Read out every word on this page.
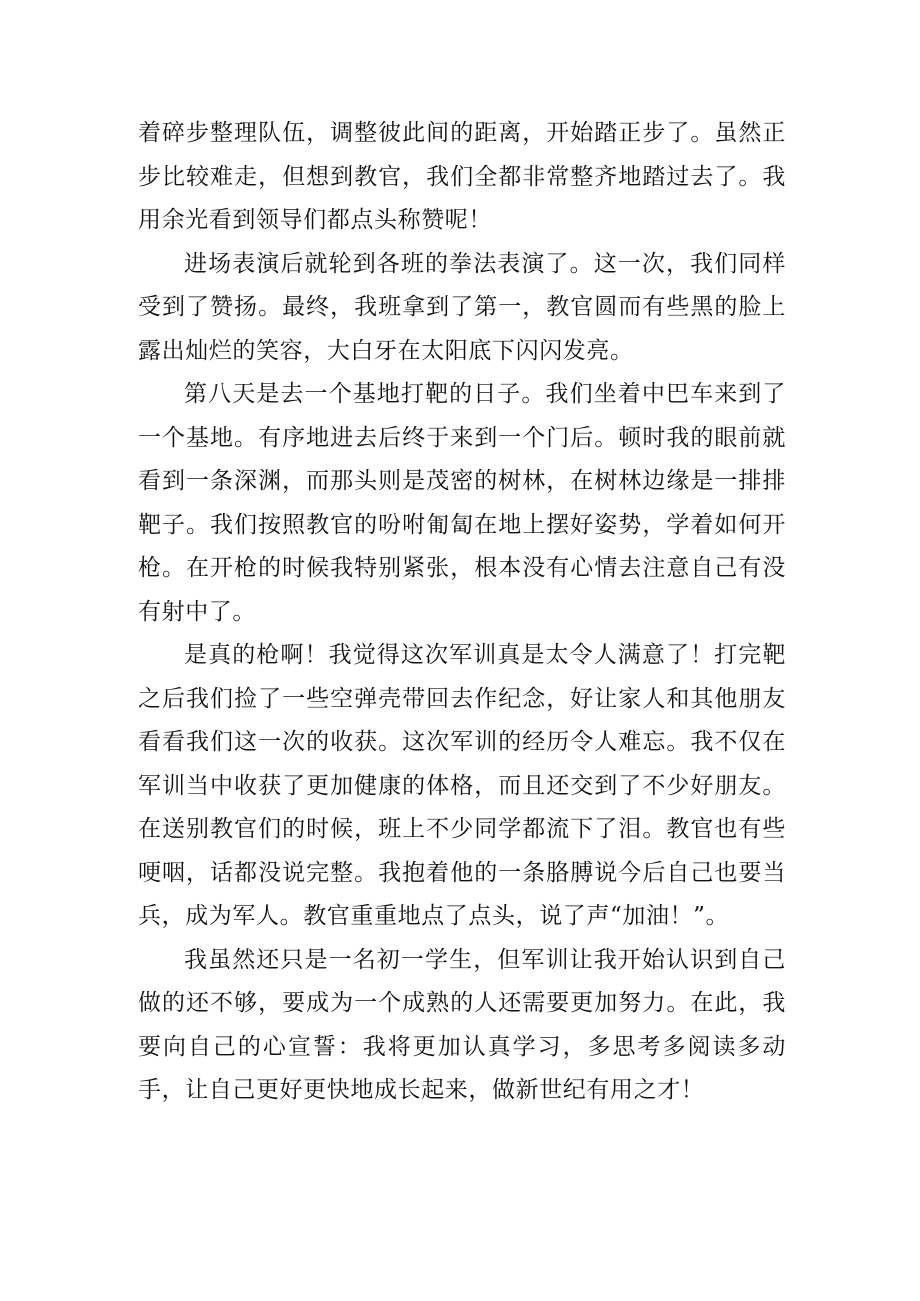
着碎步整理队伍，调整彼此间的距离，开始踏正步了。虽然正步比较难走，但想到教官，我们全都非常整齐地踏过去了。我用余光看到领导们都点头称赞呢！

进场表演后就轮到各班的拳法表演了。这一次，我们同样受到了赞扬。最终，我班拿到了第一，教官圆而有些黑的脸上露出灿烂的笑容，大白牙在太阳底下闪闪发亮。

第八天是去一个基地打靶的日子。我们坐着中巴车来到了一个基地。有序地进去后终于来到一个门后。顿时我的眼前就看到一条深渊，而那头则是茂密的树林，在树林边缘是一排排靶子。我们按照教官的吩咐匍匐在地上摆好姿势，学着如何开枪。在开枪的时候我特别紧张，根本没有心情去注意自己有没有射中了。

是真的枪啊！我觉得这次军训真是太令人满意了！打完靶之后我们捡了一些空弹壳带回去作纪念，好让家人和其他朋友看看我们这一次的收获。这次军训的经历令人难忘。我不仅在军训当中收获了更加健康的体格，而且还交到了不少好朋友。在送别教官们的时候，班上不少同学都流下了泪。教官也有些哽咽，话都没说完整。我抱着他的一条胳膊说今后自己也要当兵，成为军人。教官重重地点了点头，说了声“加油！”。

我虽然还只是一名初一学生，但军训让我开始认识到自己做的还不够，要成为一个成熟的人还需要更加努力。在此，我要向自己的心宣誓：我将更加认真学习，多思考多阅读多动手，让自己更好更快地成长起来，做新世纪有用之才！
